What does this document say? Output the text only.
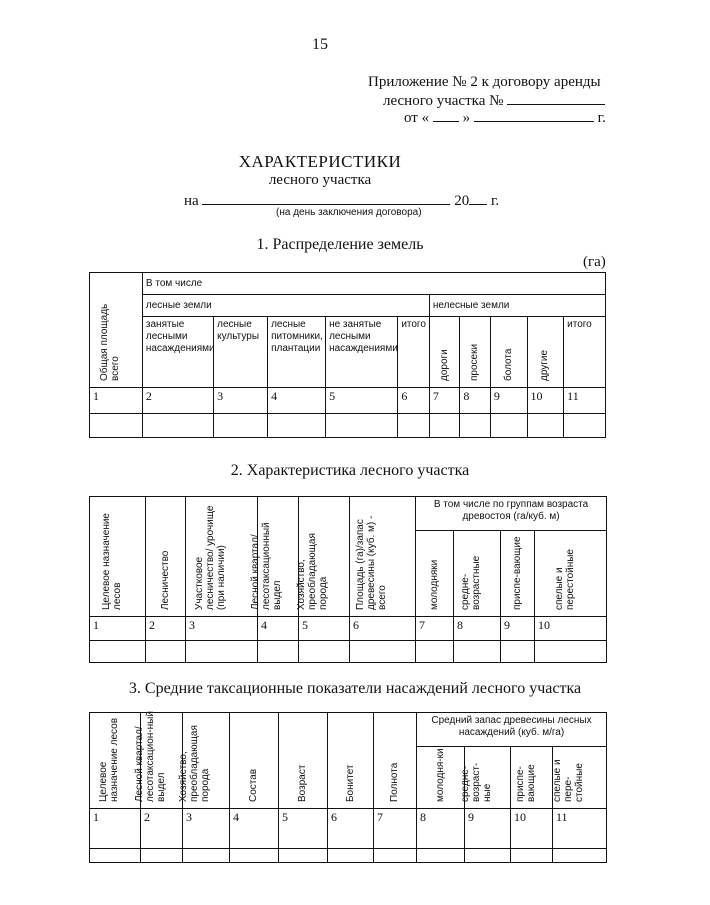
15
Приложение № 2 к договору аренды
лесного участка №
от « »	г.
ХАРАКТЕРИСТИКИ
лесного участка
на	20 г.
(на день заключения договора)
1. Распределение земель
(га)
Общая площадь всего	В том числе									
	лесные земли					нелесные земли				
	занятые лесными насаждениями	лесные культуры	лесные питомники, плантации	не занятые лесными насаждениями	итого	дороги	просеки	болота	другие	итого
1	2	3	4	5	6	7	8	9	10	11

2. Характеристика лесного участка
Целевое назначение лесов	Лесничество	Участковое лесничество/ урочище (при наличии)	Лесной квартал/ лесотаксационный выдел	Хозяйство, преобладающая порода	Площадь (га)/запас древесины (куб. м) - всего	В том числе по группам возраста древостоя (га/куб. м)			

						молодняки	средне-возрастные	приспе-вающие	спелые и перестойные

1	2	3	4	5	6	7	8	9	10

3. Средние таксационные показатели насаждений лесного участка
Целевое назначение лесов	Лесной квартал/ лесотаксацион-ный выдел	Хозяйство, преобладающая порода	Состав	Возраст	Бонитет	Полнота	Средний запас древесины лесных насаждений (куб. м/га)			

							молодня-ки	средне-возраст-ные	приспе-вающие	спелые и пере-стойные

1	2	3	4	5	6	7	8	9	10	11
